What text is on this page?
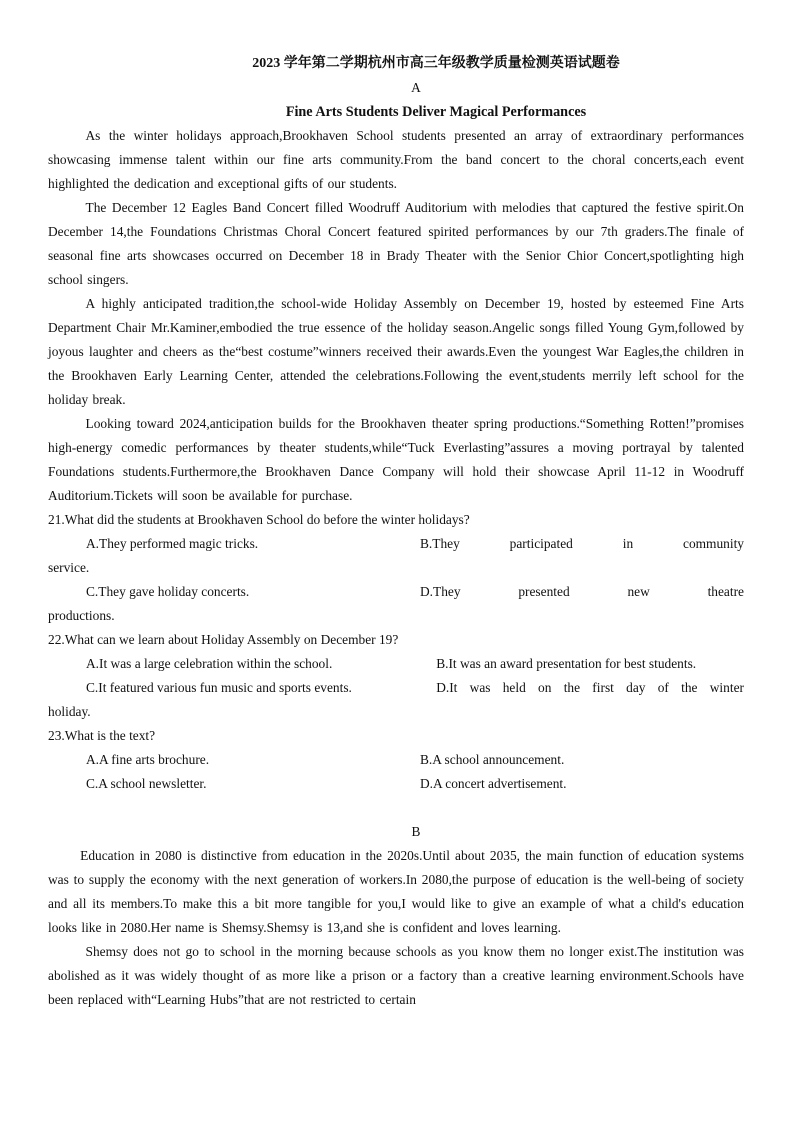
2023 学年第二学期杭州市高三年级教学质量检测英语试题卷
A
Fine Arts Students Deliver Magical Performances

As the winter holidays approach,Brookhaven School students presented an array of extraordinary performances showcasing immense talent within our fine arts community.From the band concert to the choral concerts,each event highlighted the dedication and exceptional gifts of our students.

The December 12 Eagles Band Concert filled Woodruff Auditorium with melodies that captured the festive spirit.On December 14,the Foundations Christmas Choral Concert featured spirited performances by our 7th graders.The finale of seasonal fine arts showcases occurred on December 18 in Brady Theater with the Senior Chior Concert,spotlighting high school singers.

A highly anticipated tradition,the school-wide Holiday Assembly on December 19, hosted by esteemed Fine Arts Department Chair Mr.Kaminer,embodied the true essence of the holiday season.Angelic songs filled Young Gym,followed by joyous laughter and cheers as the“best costume”winners received their awards.Even the youngest War Eagles,the children in the Brookhaven Early Learning Center, attended the celebrations.Following the event,students merrily left school for the holiday break.

Looking toward 2024,anticipation builds for the Brookhaven theater spring productions.“Something Rotten!”promises high-energy comedic performances by theater students,while“Tuck Everlasting”assures a moving portrayal by talented Foundations students.Furthermore,the Brookhaven Dance Company will hold their showcase April 11-12 in Woodruff Auditorium.Tickets will soon be available for purchase.

21.What did the students at Brookhaven School do before the winter holidays?
A.They performed magic tricks.	B.They participated in community
service.
C.They gave holiday concerts.	D.They presented new theatre
productions.
22.What can we learn about Holiday Assembly on December 19?
A.It was a large celebration within the school.	B.It was an award presentation for best students.
C.It featured various fun music and sports events.	D.It was held on the first day of the winter
holiday.
23.What is the text?
A.A fine arts brochure.	B.A school announcement.
C.A school newsletter.	D.A concert advertisement.
B

Education in 2080 is distinctive from education in the 2020s.Until about 2035, the main function of education systems was to supply the economy with the next generation of workers.In 2080,the purpose of education is the well-being of society and all its members.To make this a bit more tangible for you,I would like to give an example of what a child's education looks like in 2080.Her name is Shemsy.Shemsy is 13,and she is confident and loves learning.

Shemsy does not go to school in the morning because schools as you know them no longer exist.The institution was abolished as it was widely thought of as more like a prison or a factory than a creative learning environment.Schools have been replaced with“Learning Hubs”that are not restricted to certain
